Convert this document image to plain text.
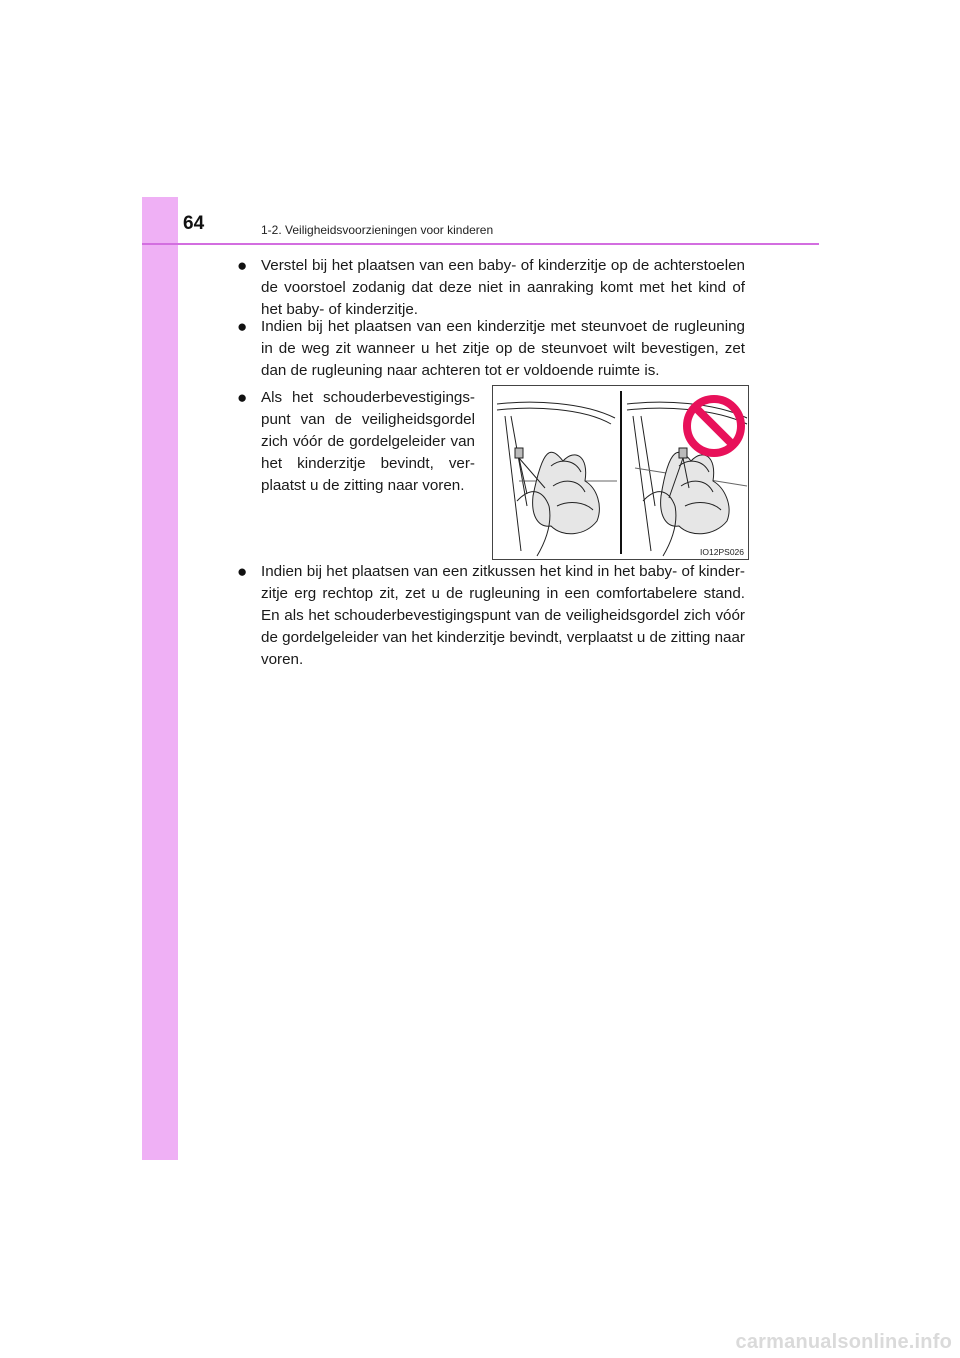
64	1-2. Veiligheidsvoorzieningen voor kinderen
● Verstel bij het plaatsen van een baby- of kinderzitje op de achterstoelen de voorstoel zodanig dat deze niet in aanraking komt met het kind of het baby- of kinderzitje.
● Indien bij het plaatsen van een kinderzitje met steunvoet de rugleuning in de weg zit wanneer u het zitje op de steunvoet wilt bevestigen, zet dan de rugleuning naar achteren tot er voldoende ruimte is.
● Als het schouderbevestigings-punt van de veiligheidsgordel zich vóór de gordelgeleider van het kinderzitje bevindt, ver-plaatst u de zitting naar voren.
IO12PS026
● Indien bij het plaatsen van een zitkussen het kind in het baby- of kinder-zitje erg rechtop zit, zet u de rugleuning in een comfortabelere stand. En als het schouderbevestigingspunt van de veiligheidsgordel zich vóór de gordelgeleider van het kinderzitje bevindt, verplaatst u de zitting naar voren.
carmanualsonline.info
